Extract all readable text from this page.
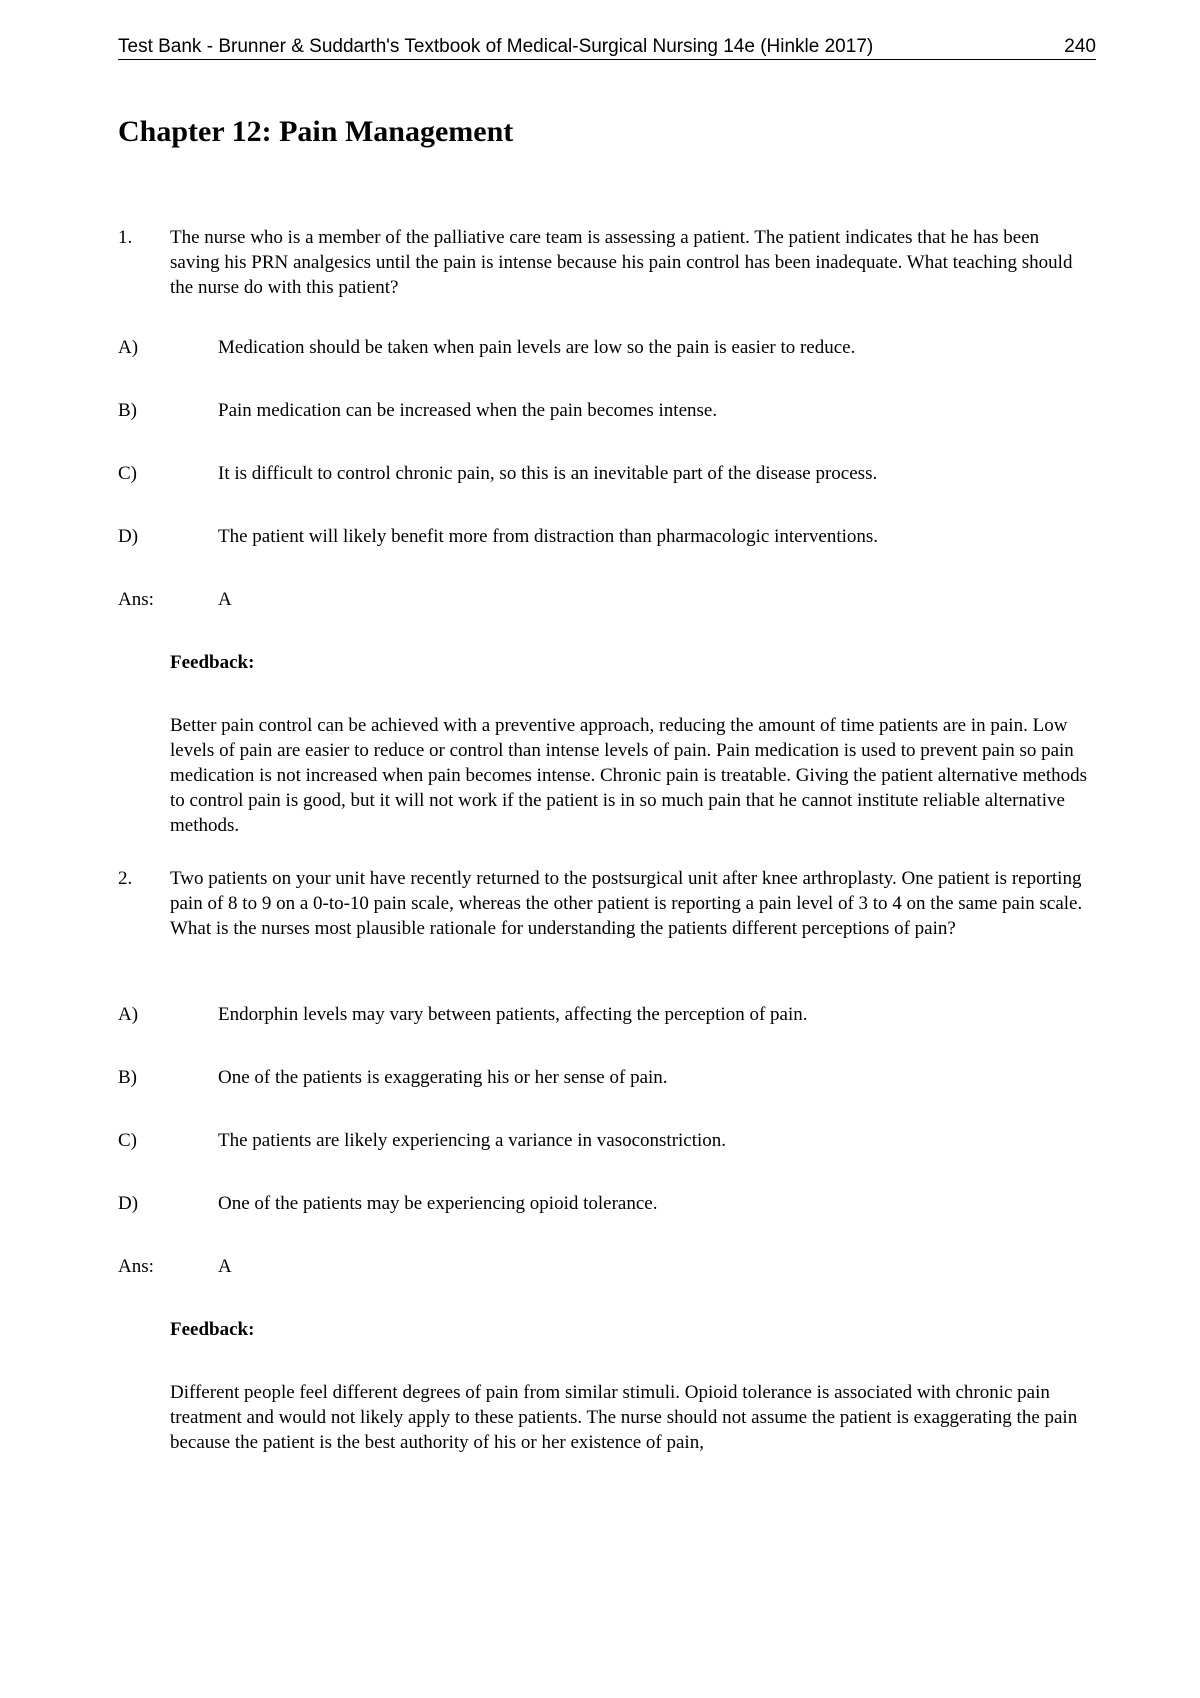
Test Bank - Brunner & Suddarth's Textbook of Medical-Surgical Nursing 14e (Hinkle 2017)	240
Chapter 12: Pain Management
1. The nurse who is a member of the palliative care team is assessing a patient. The patient indicates that he has been saving his PRN analgesics until the pain is intense because his pain control has been inadequate. What teaching should the nurse do with this patient?
A)	Medication should be taken when pain levels are low so the pain is easier to reduce.
B)	Pain medication can be increased when the pain becomes intense.
C)	It is difficult to control chronic pain, so this is an inevitable part of the disease process.
D)	The patient will likely benefit more from distraction than pharmacologic interventions.
Ans:	A
Feedback:
Better pain control can be achieved with a preventive approach, reducing the amount of time patients are in pain. Low levels of pain are easier to reduce or control than intense levels of pain. Pain medication is used to prevent pain so pain medication is not increased when pain becomes intense. Chronic pain is treatable. Giving the patient alternative methods to control pain is good, but it will not work if the patient is in so much pain that he cannot institute reliable alternative methods.
2. Two patients on your unit have recently returned to the postsurgical unit after knee arthroplasty. One patient is reporting pain of 8 to 9 on a 0-to-10 pain scale, whereas the other patient is reporting a pain level of 3 to 4 on the same pain scale. What is the nurses most plausible rationale for understanding the patients different perceptions of pain?
A)	Endorphin levels may vary between patients, affecting the perception of pain.
B)	One of the patients is exaggerating his or her sense of pain.
C)	The patients are likely experiencing a variance in vasoconstriction.
D)	One of the patients may be experiencing opioid tolerance.
Ans:	A
Feedback:
Different people feel different degrees of pain from similar stimuli. Opioid tolerance is associated with chronic pain treatment and would not likely apply to these patients. The nurse should not assume the patient is exaggerating the pain because the patient is the best authority of his or her existence of pain,
